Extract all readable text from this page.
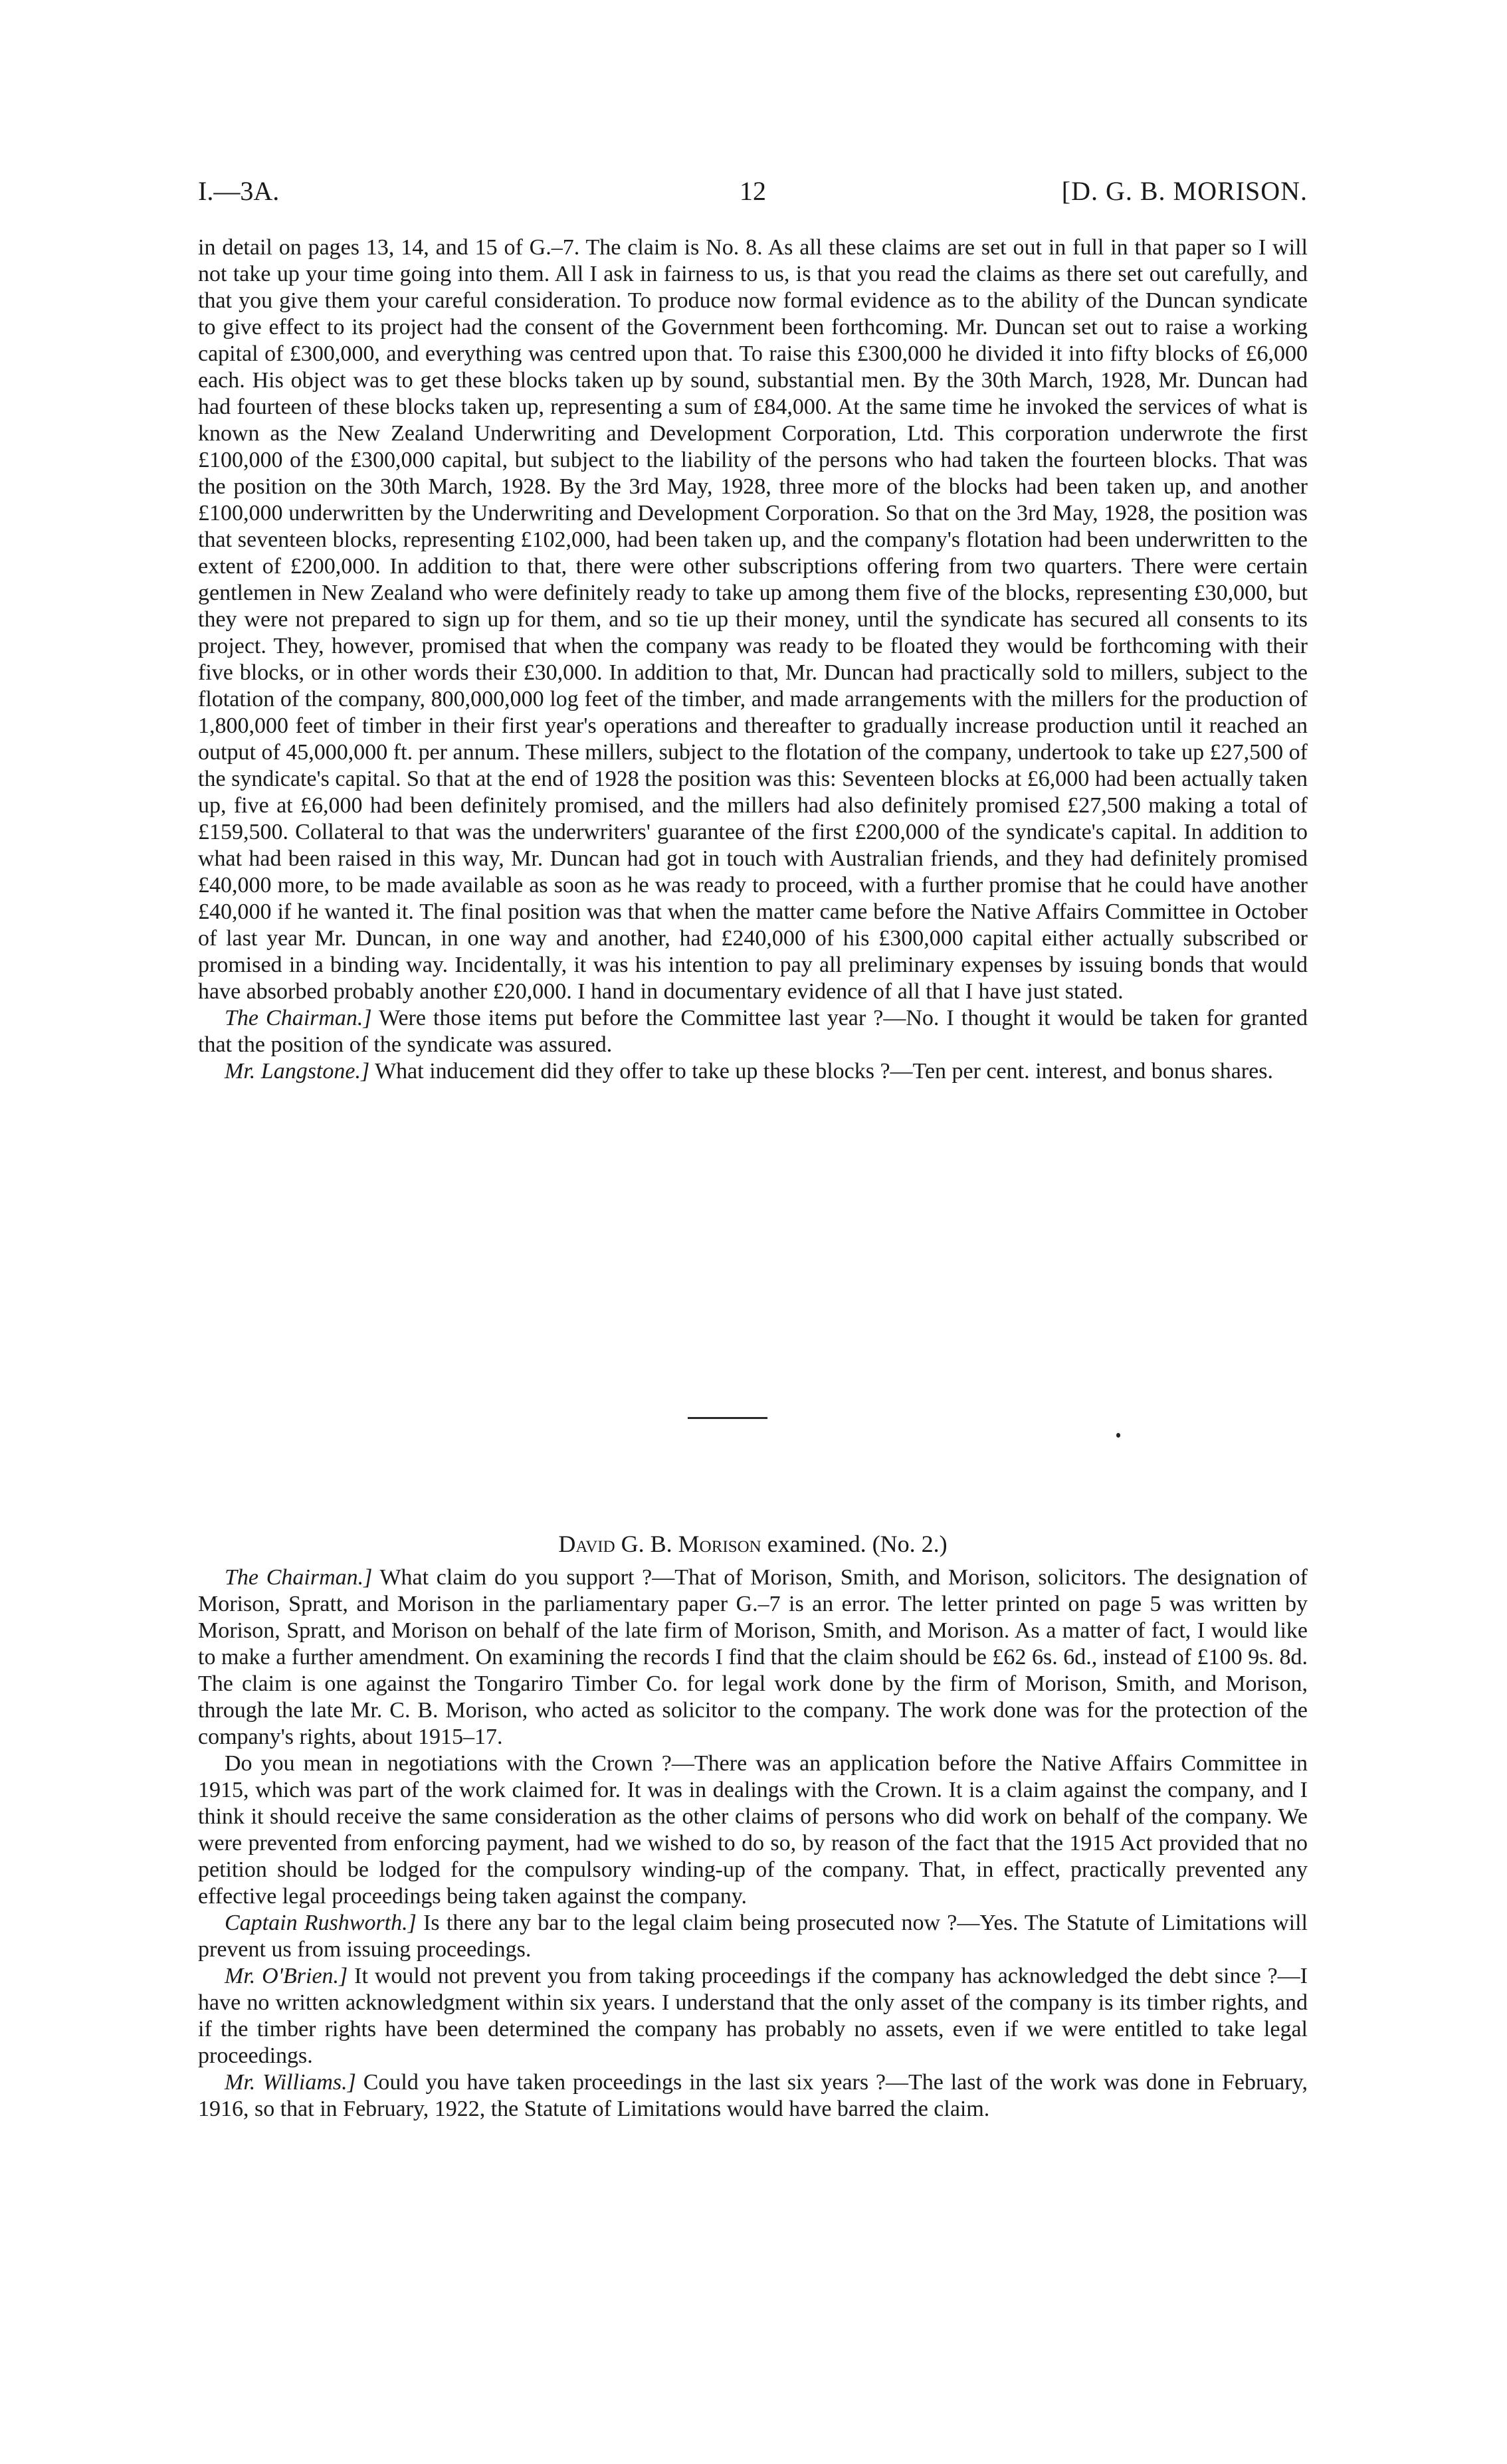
I.—3A.	12	[D. G. B. MORISON.

in detail on pages 13, 14, and 15 of G.–7. The claim is No. 8. As all these claims are set out in full in that paper so I will not take up your time going into them. All I ask in fairness to us, is that you read the claims as there set out carefully, and that you give them your careful consideration. To produce now formal evidence as to the ability of the Duncan syndicate to give effect to its project had the consent of the Government been forthcoming. Mr. Duncan set out to raise a working capital of £300,000, and everything was centred upon that. To raise this £300,000 he divided it into fifty blocks of £6,000 each. His object was to get these blocks taken up by sound, substantial men. By the 30th March, 1928, Mr. Duncan had had fourteen of these blocks taken up, representing a sum of £84,000. At the same time he invoked the services of what is known as the New Zealand Underwriting and Development Corporation, Ltd. This corporation underwrote the first £100,000 of the £300,000 capital, but subject to the liability of the persons who had taken the fourteen blocks. That was the position on the 30th March, 1928. By the 3rd May, 1928, three more of the blocks had been taken up, and another £100,000 underwritten by the Underwriting and Development Corporation. So that on the 3rd May, 1928, the position was that seventeen blocks, representing £102,000, had been taken up, and the company's flotation had been underwritten to the extent of £200,000. In addition to that, there were other subscriptions offering from two quarters. There were certain gentlemen in New Zealand who were definitely ready to take up among them five of the blocks, representing £30,000, but they were not prepared to sign up for them, and so tie up their money, until the syndicate has secured all consents to its project. They, however, promised that when the company was ready to be floated they would be forthcoming with their five blocks, or in other words their £30,000. In addition to that, Mr. Duncan had practically sold to millers, subject to the flotation of the company, 800,000,000 log feet of the timber, and made arrangements with the millers for the production of 1,800,000 feet of timber in their first year's operations and thereafter to gradually increase production until it reached an output of 45,000,000 ft. per annum. These millers, subject to the flotation of the company, undertook to take up £27,500 of the syndicate's capital. So that at the end of 1928 the position was this: Seventeen blocks at £6,000 had been actually taken up, five at £6,000 had been definitely promised, and the millers had also definitely promised £27,500 making a total of £159,500. Collateral to that was the underwriters' guarantee of the first £200,000 of the syndicate's capital. In addition to what had been raised in this way, Mr. Duncan had got in touch with Australian friends, and they had definitely promised £40,000 more, to be made available as soon as he was ready to proceed, with a further promise that he could have another £40,000 if he wanted it. The final position was that when the matter came before the Native Affairs Committee in October of last year Mr. Duncan, in one way and another, had £240,000 of his £300,000 capital either actually subscribed or promised in a binding way. Incidentally, it was his intention to pay all preliminary expenses by issuing bonds that would have absorbed probably another £20,000. I hand in documentary evidence of all that I have just stated.

The Chairman.] Were those items put before the Committee last year ?—No. I thought it would be taken for granted that the position of the syndicate was assured.

Mr. Langstone.] What inducement did they offer to take up these blocks ?—Ten per cent. interest, and bonus shares.

David G. B. Morison examined. (No. 2.)

The Chairman.] What claim do you support ?—That of Morison, Smith, and Morison, solicitors. The designation of Morison, Spratt, and Morison in the parliamentary paper G.–7 is an error. The letter printed on page 5 was written by Morison, Spratt, and Morison on behalf of the late firm of Morison, Smith, and Morison. As a matter of fact, I would like to make a further amendment. On examining the records I find that the claim should be £62 6s. 6d., instead of £100 9s. 8d. The claim is one against the Tongariro Timber Co. for legal work done by the firm of Morison, Smith, and Morison, through the late Mr. C. B. Morison, who acted as solicitor to the company. The work done was for the protection of the company's rights, about 1915–17.

Do you mean in negotiations with the Crown ?—There was an application before the Native Affairs Committee in 1915, which was part of the work claimed for. It was in dealings with the Crown. It is a claim against the company, and I think it should receive the same consideration as the other claims of persons who did work on behalf of the company. We were prevented from enforcing payment, had we wished to do so, by reason of the fact that the 1915 Act provided that no petition should be lodged for the compulsory winding-up of the company. That, in effect, practically prevented any effective legal proceedings being taken against the company.

Captain Rushworth.] Is there any bar to the legal claim being prosecuted now ?—Yes. The Statute of Limitations will prevent us from issuing proceedings.

Mr. O'Brien.] It would not prevent you from taking proceedings if the company has acknowledged the debt since ?—I have no written acknowledgment within six years. I understand that the only asset of the company is its timber rights, and if the timber rights have been determined the company has probably no assets, even if we were entitled to take legal proceedings.

Mr. Williams.] Could you have taken proceedings in the last six years ?—The last of the work was done in February, 1916, so that in February, 1922, the Statute of Limitations would have barred the claim.
